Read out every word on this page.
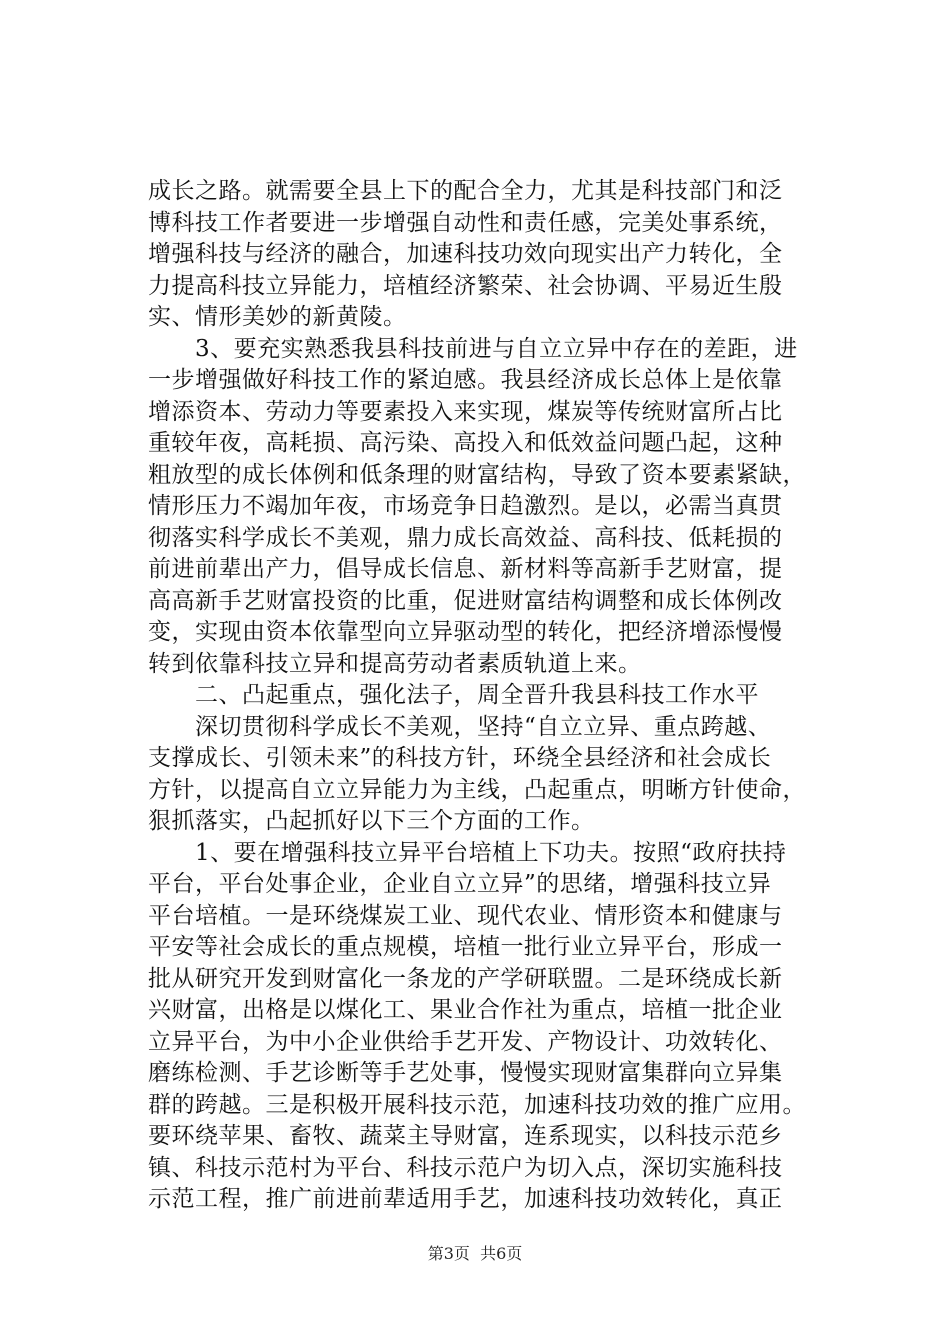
成长之路。就需要全县上下的配合全力，尤其是科技部门和泛
博科技工作者要进一步增强自动性和责任感，完美处事系统，
增强科技与经济的融合，加速科技功效向现实出产力转化，全
力提高科技立异能力，培植经济繁荣、社会协调、平易近生殷
实、情形美妙的新黄陵。
　　3、要充实熟悉我县科技前进与自立立异中存在的差距，进
一步增强做好科技工作的紧迫感。我县经济成长总体上是依靠
增添资本、劳动力等要素投入来实现，煤炭等传统财富所占比
重较年夜，高耗损、高污染、高投入和低效益问题凸起，这种
粗放型的成长体例和低条理的财富结构，导致了资本要素紧缺，
情形压力不竭加年夜，市场竞争日趋激烈。是以，必需当真贯
彻落实科学成长不美观，鼎力成长高效益、高科技、低耗损的
前进前辈出产力，倡导成长信息、新材料等高新手艺财富，提
高高新手艺财富投资的比重，促进财富结构调整和成长体例改
变，实现由资本依靠型向立异驱动型的转化，把经济增添慢慢
转到依靠科技立异和提高劳动者素质轨道上来。
　　二、凸起重点，强化法子，周全晋升我县科技工作水平
　　深切贯彻科学成长不美观，坚持“自立立异、重点跨越、
支撑成长、引领未来”的科技方针，环绕全县经济和社会成长
方针，以提高自立立异能力为主线，凸起重点，明晰方针使命，
狠抓落实，凸起抓好以下三个方面的工作。
　　1、要在增强科技立异平台培植上下功夫。按照“政府扶持
平台，平台处事企业，企业自立立异”的思绪，增强科技立异
平台培植。一是环绕煤炭工业、现代农业、情形资本和健康与
平安等社会成长的重点规模，培植一批行业立异平台，形成一
批从研究开发到财富化一条龙的产学研联盟。二是环绕成长新
兴财富，出格是以煤化工、果业合作社为重点，培植一批企业
立异平台，为中小企业供给手艺开发、产物设计、功效转化、
磨练检测、手艺诊断等手艺处事，慢慢实现财富集群向立异集
群的跨越。三是积极开展科技示范，加速科技功效的推广应用。
要环绕苹果、畜牧、蔬菜主导财富，连系现实，以科技示范乡
镇、科技示范村为平台、科技示范户为切入点，深切实施科技
示范工程，推广前进前辈适用手艺，加速科技功效转化，真正
第3页  共6页
